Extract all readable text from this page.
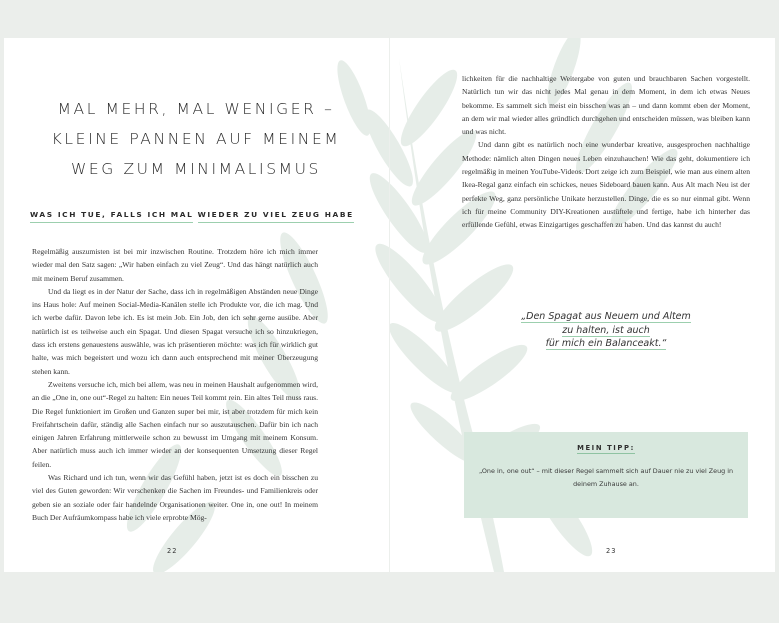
MAL MEHR, MAL WENIGER –
KLEINE PANNEN AUF MEINEM
WEG ZUM MINIMALISMUS
WAS ICH TUE, FALLS ICH MAL WIEDER ZU VIEL ZEUG HABE

Regelmäßig auszumisten ist bei mir inzwischen Routine. Trotzdem höre ich mich immer wieder mal den Satz sagen: „Wir haben einfach zu viel Zeug“. Und das hängt natürlich auch mit meinem Beruf zusammen.

Und da liegt es in der Natur der Sache, dass ich in regelmäßigen Abständen neue Dinge ins Haus hole: Auf meinen Social-Media-Kanälen stelle ich Produkte vor, die ich mag. Und ich werbe dafür. Davon lebe ich. Es ist mein Job. Ein Job, den ich sehr gerne ausübe. Aber natürlich ist es teilweise auch ein Spagat. Und diesen Spagat versuche ich so hinzukriegen, dass ich erstens genauestens auswähle, was ich präsentieren möchte: was ich für wirklich gut halte, was mich begeistert und wozu ich dann auch entsprechend mit meiner Überzeugung stehen kann.

Zweitens versuche ich, mich bei allem, was neu in meinen Haushalt aufgenommen wird, an die „One in, one out“-Regel zu halten: Ein neues Teil kommt rein. Ein altes Teil muss raus. Die Regel funktioniert im Großen und Ganzen super bei mir, ist aber trotzdem für mich kein Freifahrtschein dafür, ständig alle Sachen einfach nur so auszutauschen. Dafür bin ich nach einigen Jahren Erfahrung mittlerweile schon zu bewusst im Umgang mit meinem Konsum. Aber natürlich muss auch ich immer wieder an der konsequenten Umsetzung dieser Regel feilen.

Was Richard und ich tun, wenn wir das Gefühl haben, jetzt ist es doch ein bisschen zu viel des Guten geworden: Wir verschenken die Sachen im Freundes- und Familienkreis oder geben sie an soziale oder fair handelnde Organisationen weiter. One in, one out! In meinem Buch Der Aufräumkompass habe ich viele erprobte Mög-

22

lichkeiten für die nachhaltige Weitergabe von guten und brauchbaren Sachen vorgestellt. Natürlich tun wir das nicht jedes Mal genau in dem Moment, in dem ich etwas Neues bekomme. Es sammelt sich meist ein bisschen was an – und dann kommt eben der Moment, an dem wir mal wieder alles gründlich durchgehen und entscheiden müssen, was bleiben kann und was nicht.

Und dann gibt es natürlich noch eine wunderbar kreative, ausgesprochen nachhaltige Methode: nämlich alten Dingen neues Leben einzuhauchen! Wie das geht, dokumentiere ich regelmäßig in meinen YouTube-Videos. Dort zeige ich zum Beispiel, wie man aus einem alten Ikea-Regal ganz einfach ein schickes, neues Sideboard bauen kann. Aus Alt mach Neu ist der perfekte Weg, ganz persönliche Unikate herzustellen. Dinge, die es so nur einmal gibt. Wenn ich für meine Community DIY-Kreationen austüftele und fertige, habe ich hinterher das erfüllende Gefühl, etwas Einzigartiges geschaffen zu haben. Und das kannst du auch!

„Den Spagat aus Neuem und Altem
zu halten, ist auch
für mich ein Balanceakt.“
MEIN TIPP:
„One in, one out“ – mit dieser Regel sammelt sich auf Dauer nie zu viel Zeug in deinem Zuhause an.
23
